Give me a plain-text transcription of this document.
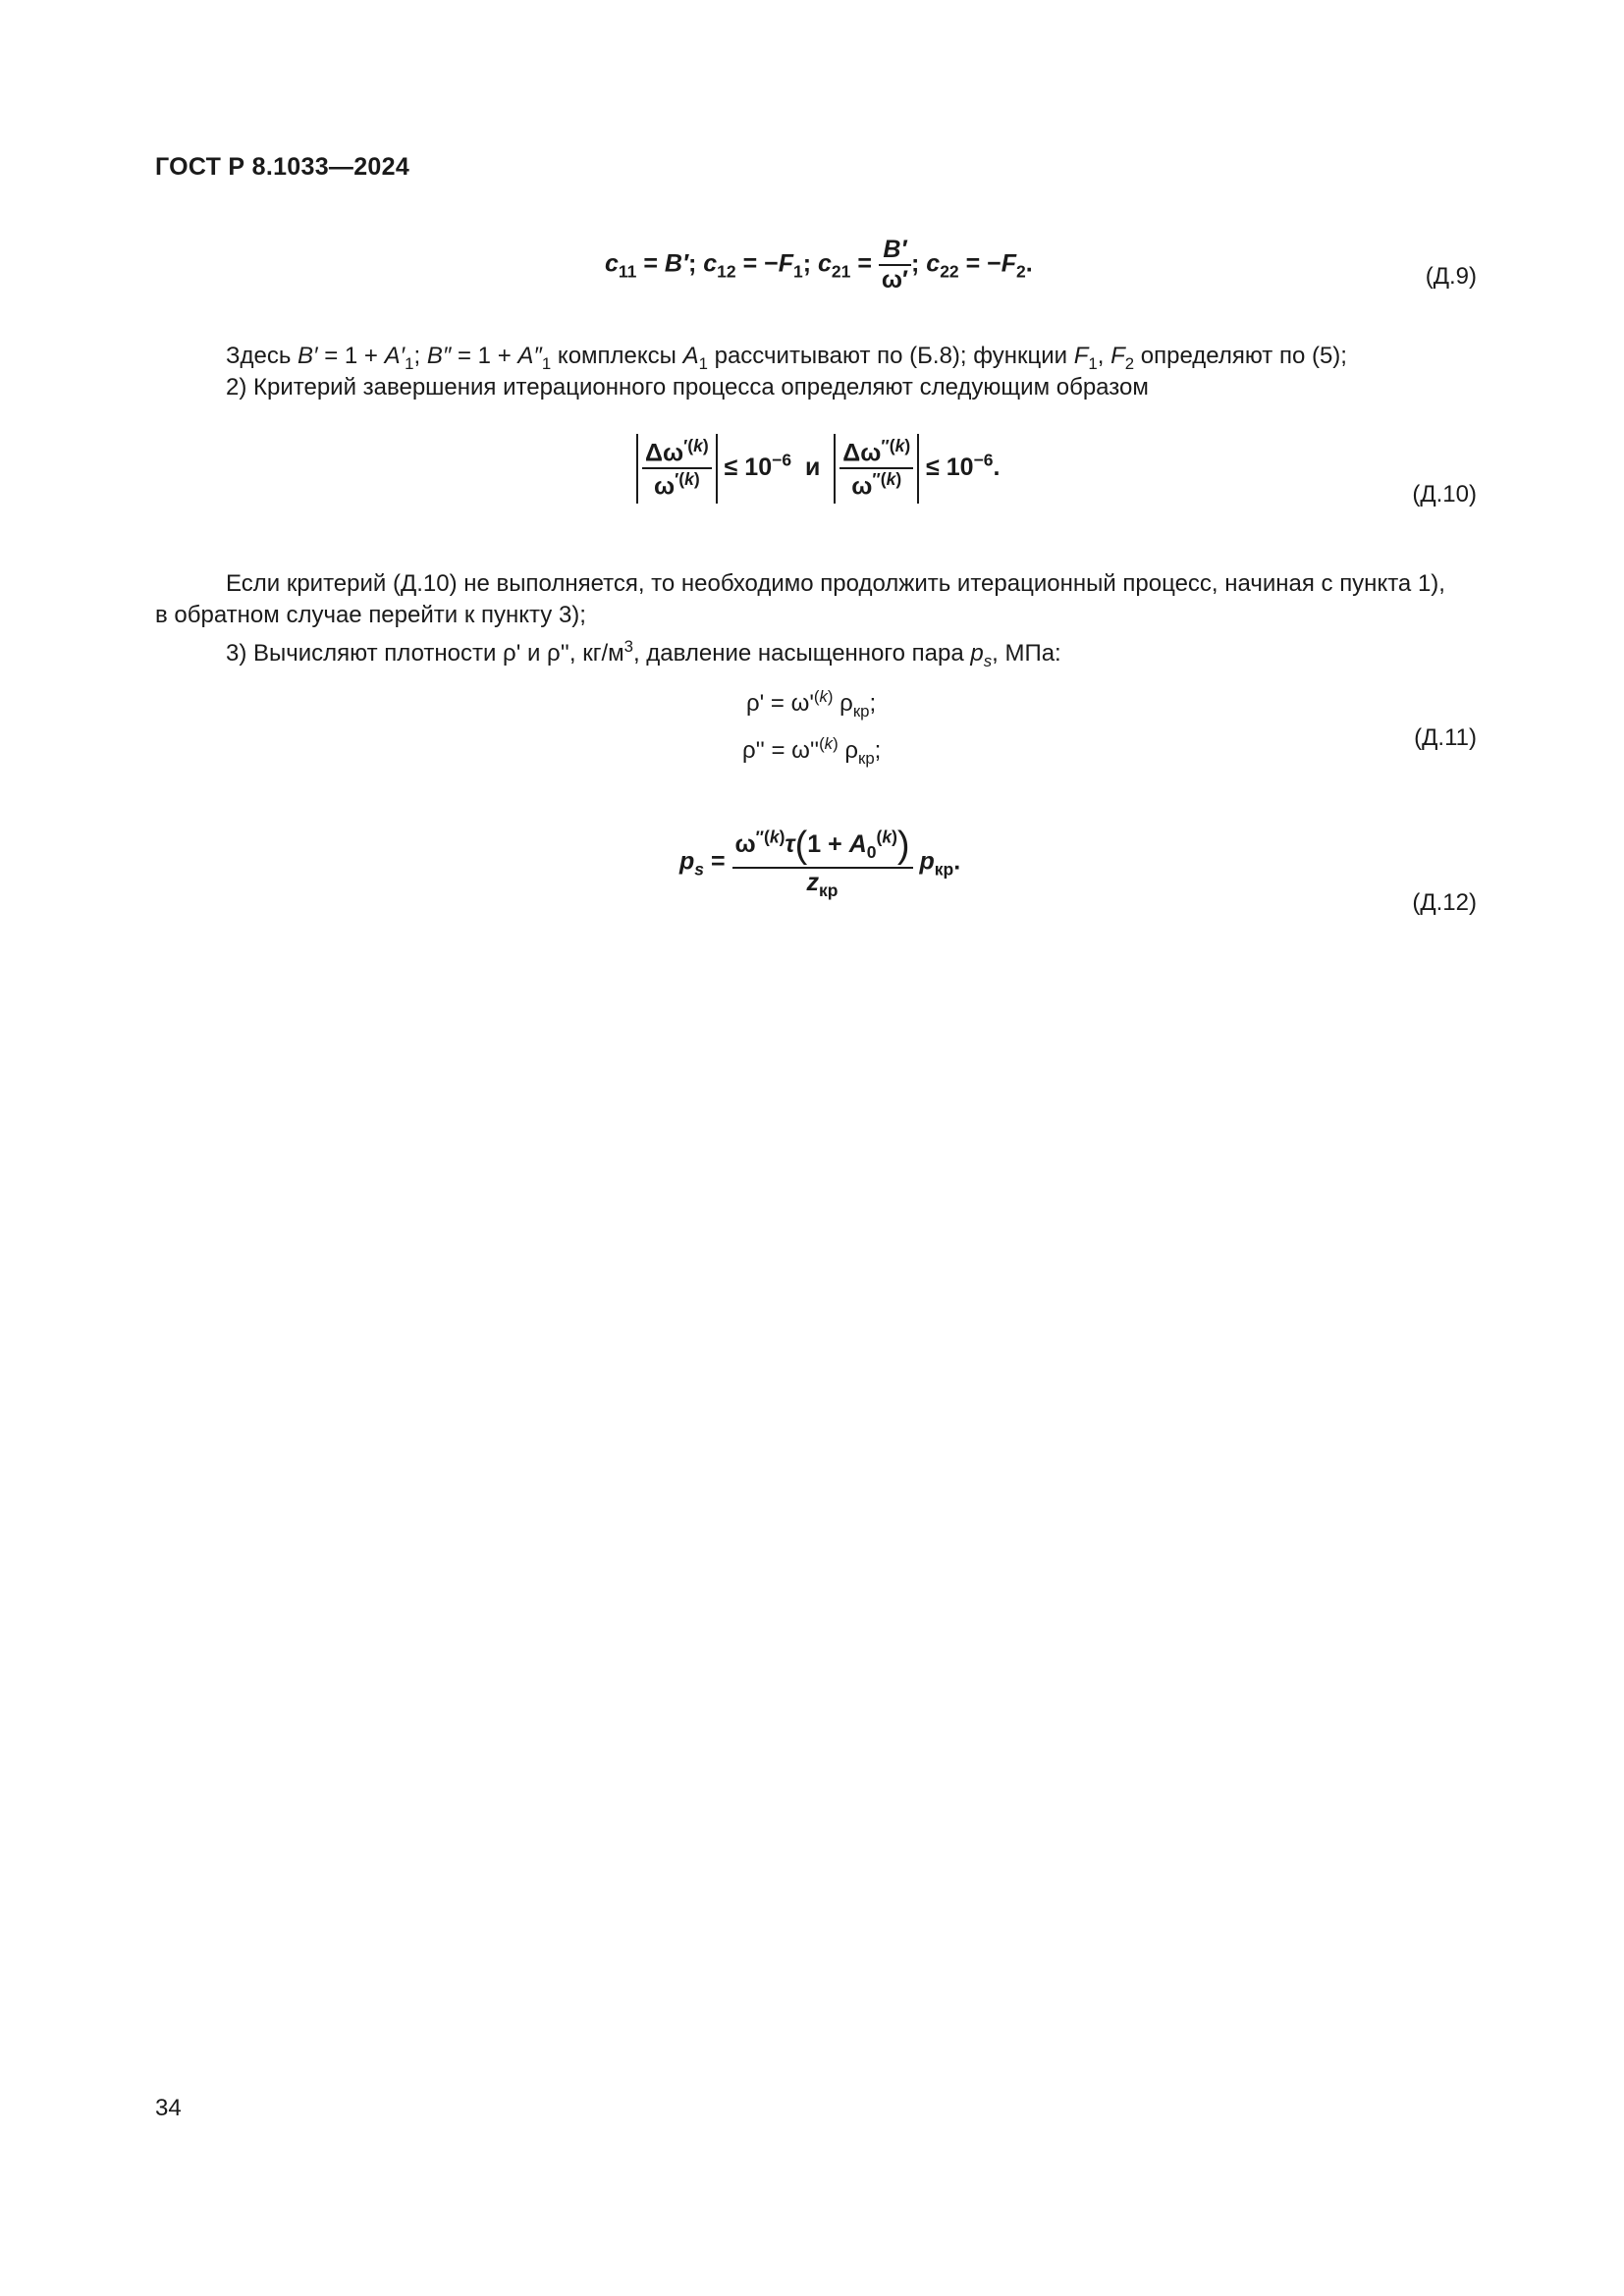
ГОСТ Р 8.1033—2024
$c_{11} = B'$; $c_{12} = -F_1$; $c_{21} = \frac{B'}{\omega'}$ ; $c_{22} = -F_2$.	(Д.9)
Здесь $B' = 1 + A'_1$; $B'' = 1 + A''_1$ комплексы $A_1$ рассчитывают по (Б.8); функции $F_1$, $F_2$ определяют по (5);
2) Критерий завершения итерационного процесса определяют следующим образом
$\frac{\Delta\omega^{'(k)}}{\omega^{'(k)}} \le 10^{-6}$ и $\frac{\Delta\omega^{''(k)}}{\omega^{''(k)}} \le 10^{-6}$.
(Д.10)
Если критерий (Д.10) не выполняется, то необходимо продолжить итерационный процесс, начиная с пункта 1),
в обратном случае перейти к пункту 3);
3) Вычисляют плотности ρ' и ρ'', $кг/м^3$, давление насыщенного пара $p_s$, МПа:
$\rho' = \omega'^{(k)}$ $\rho_{кр}$;
$\rho'' = \omega''^{(k)}$ $\rho_{кр}$;	(Д.11)
$p_s = \frac{\omega^{''(k)}\tau(1 + A_0^{(k)})}{z_{кр}} p_{кр}$.
(Д.12)
34
